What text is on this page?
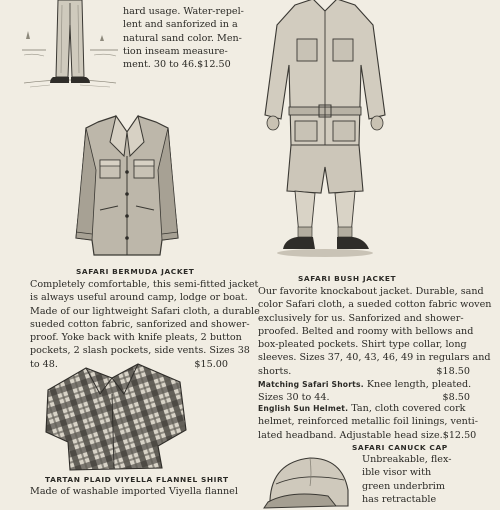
hard usage. Water-repel-
lent and sanforized in a
natural sand color. Men-
tion inseam measure-
ment. 30 to 46. $12.50
SAFARI BERMUDA JACKET
Completely comfortable, this semi-fitted jacket
is always useful around camp, lodge or boat.
Made of our lightweight Safari cloth, a durable
sueded cotton fabric, sanforized and shower-
proof. Yoke back with knife pleats, 2 button
pockets, 2 slash pockets, side vents. Sizes 38
to 48.	$15.00
SAFARI BUSH JACKET
Our favorite knockabout jacket. Durable, sand
color Safari cloth, a sueded cotton fabric woven
exclusively for us. Sanforized and shower-
proofed. Belted and roomy with bellows and
box-pleated pockets. Shirt type collar, long
sleeves. Sizes 37, 40, 43, 46, 49 in regulars and
shorts.	$18.50
Matching Safari Shorts. Knee length, pleated.
Sizes 30 to 44.	$8.50
English Sun Helmet. Tan, cloth covered cork
helmet, reinforced metallic foil linings, venti-
lated headband. Adjustable head size. $12.50
SAFARI CANUCK CAP
Unbreakable, flex-
ible visor with
green underbrim
has retractable
TARTAN PLAID VIYELLA FLANNEL SHIRT
Made of washable imported Viyella flannel
